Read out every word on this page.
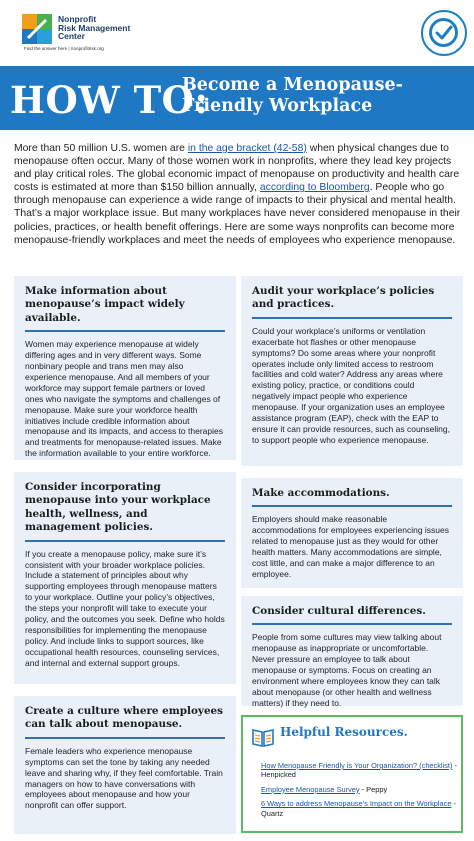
Nonprofit
Risk Management
Center
Find the answer here | nonprofitrisk.org
HOW TO:
Become a Menopause-Friendly Workplace
More than 50 million U.S. women are in the age bracket (42-58) when physical changes due to menopause often occur. Many of those women work in nonprofits, where they lead key projects and play critical roles. The global economic impact of menopause on productivity and health care costs is estimated at more than $150 billion annually, according to Bloomberg. People who go through menopause can experience a wide range of impacts to their physical and mental health. That’s a major workplace issue. But many workplaces have never considered menopause in their policies, practices, or health benefit offerings. Here are some ways nonprofits can become more menopause-friendly workplaces and meet the needs of employees who experience menopause.
Make information about menopause’s impact widely available.

Women may experience menopause at widely differing ages and in very different ways. Some nonbinary people and trans men may also experience menopause. And all members of your workforce may support female partners or loved ones who navigate the symptoms and challenges of menopause. Make sure your workforce health initiatives include credible information about menopause and its impacts, and access to therapies and treatments for menopause-related issues. Make the information available to your entire workforce.

Consider incorporating menopause into your workplace health, wellness, and management policies.

If you create a menopause policy, make sure it’s consistent with your broader workplace policies. Include a statement of principles about why supporting employees through menopause matters to your workplace. Outline your policy’s objectives, the steps your nonprofit will take to execute your policy, and the outcomes you seek. Define who holds responsibilities for implementing the menopause policy. And include links to support sources, like occupational health resources, counseling services, and internal and external support groups.

Create a culture where employees can talk about menopause.

Female leaders who experience menopause symptoms can set the tone by taking any needed leave and sharing why, if they feel comfortable. Train managers on how to have conversations with employees about menopause and how your nonprofit can offer support.

Audit your workplace’s policies and practices.

Could your workplace’s uniforms or ventilation exacerbate hot flashes or other menopause symptoms? Do some areas where your nonprofit operates include only limited access to restroom facilities and cold water? Address any areas where existing policy, practice, or conditions could negatively impact people who experience menopause. If your organization uses an employee assistance program (EAP), check with the EAP to ensure it can provide resources, such as counseling, to support people who experience menopause.

Make accommodations.

Employers should make reasonable accommodations for employees experiencing issues related to menopause just as they would for other health matters. Many accommodations are simple, cost little, and can make a major difference to an employee.

Consider cultural differences.

People from some cultures may view talking about menopause as inappropriate or uncomfortable. Never pressure an employee to talk about menopause or symptoms. Focus on creating an environment where employees know they can talk about menopause (or other health and wellness matters) if they need to.

Helpful Resources.
How Menopause Friendly is Your Organization? (checklist) - Henpicked
Employee Menopause Survey - Peppy
6 Ways to address Menopause’s Impact on the Workplace - Quartz
